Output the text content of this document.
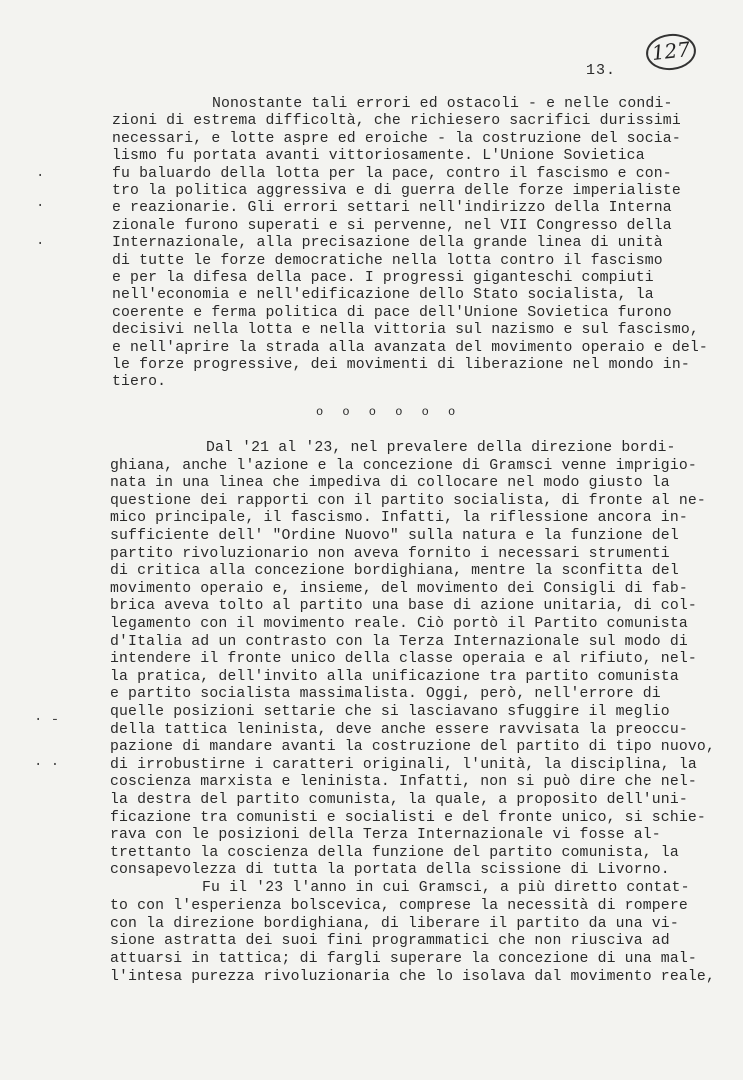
13.
127
Nonostante tali errori ed ostacoli - e nelle condi-
zioni di estrema difficoltà, che richiesero sacrifici durissimi
necessari, e lotte aspre ed eroiche - la costruzione del socia-
lismo fu portata avanti vittoriosamente. L'Unione Sovietica
fu baluardo della lotta per la pace, contro il fascismo e con-
tro la politica aggressiva e di guerra delle forze imperialiste
e reazionarie. Gli errori settari nell'indirizzo della Interna
zionale furono superati e si pervenne, nel VII Congresso della
Internazionale, alla precisazione della grande linea di unità
di tutte le forze democratiche nella lotta contro il fascismo
e per la difesa della pace. I progressi giganteschi compiuti
nell'economia e nell'edificazione dello Stato socialista, la
coerente e ferma politica di pace dell'Unione Sovietica furono
decisivi nella lotta e nella vittoria sul nazismo e sul fascismo,
e nell'aprire la strada alla avanzata del movimento operaio e del-
le forze progressive, dei movimenti di liberazione nel mondo in-
tiero.
o o o o o o
Dal '21 al '23, nel prevalere della direzione bordi-
ghiana, anche l'azione e la concezione di Gramsci venne imprigio-
nata in una linea che impediva di collocare nel modo giusto la
questione dei rapporti con il partito socialista, di fronte al ne-
mico principale, il fascismo. Infatti, la riflessione ancora in-
sufficiente dell' "Ordine Nuovo" sulla natura e la funzione del
partito rivoluzionario non aveva fornito i necessari strumenti
di critica alla concezione bordighiana, mentre la sconfitta del
movimento operaio e, insieme, del movimento dei Consigli di fab-
brica aveva tolto al partito una base di azione unitaria, di col-
legamento con il movimento reale. Ciò portò il Partito comunista
d'Italia ad un contrasto con la Terza Internazionale sul modo di
intendere il fronte unico della classe operaia e al rifiuto, nel-
la pratica, dell'invito alla unificazione tra partito comunista
e partito socialista massimalista. Oggi, però, nell'errore di
quelle posizioni settarie che si lasciavano sfuggire il meglio
della tattica leninista, deve anche essere ravvisata la preoccu-
pazione di mandare avanti la costruzione del partito di tipo nuovo,
di irrobustirne i caratteri originali, l'unità, la disciplina, la
coscienza marxista e leninista. Infatti, non si può dire che nel-
la destra del partito comunista, la quale, a proposito dell'uni-
ficazione tra comunisti e socialisti e del fronte unico, si schie-
rava con le posizioni della Terza Internazionale vi fosse al-
trettanto la coscienza della funzione del partito comunista, la
consapevolezza di tutta la portata della scissione di Livorno.
Fu il '23 l'anno in cui Gramsci, a più diretto contat-
to con l'esperienza bolscevica, comprese la necessità di rompere
con la direzione bordighiana, di liberare il partito da una vi-
sione astratta dei suoi fini programmatici che non riusciva ad
attuarsi in tattica; di fargli superare la concezione di una mal-
l'intesa purezza rivoluzionaria che lo isolava dal movimento reale,
·
·
·
· -
· ·
